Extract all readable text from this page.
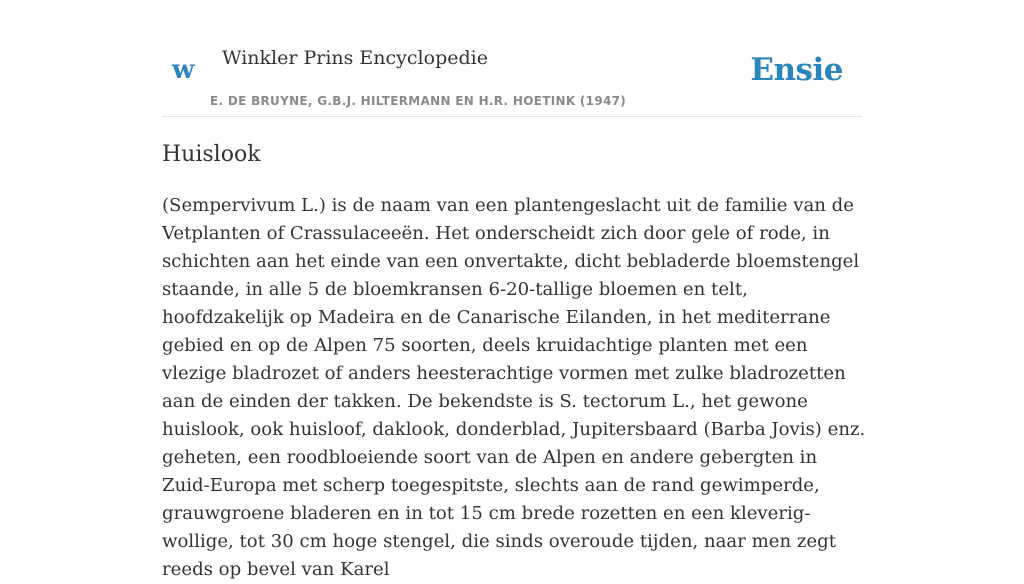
w Winkler Prins Encyclopedie
E. DE BRUYNE, G.B.J. HILTERMANN EN H.R. HOETINK (1947)
Ensie
Huislook

(Sempervivum L.) is de naam van een plantengeslacht uit de familie van de Vetplanten of Crassulaceeën. Het onderscheidt zich door gele of rode, in schichten aan het einde van een onvertakte, dicht bebladerde bloemstengel staande, in alle 5 de bloemkransen 6-20-tallige bloemen en telt, hoofdzakelijk op Madeira en de Canarische Eilanden, in het mediterrane gebied en op de Alpen 75 soorten, deels kruidachtige planten met een vlezige bladrozet of anders heesterachtige vormen met zulke bladrozetten aan de einden der takken. De bekendste is S. tectorum L., het gewone huislook, ook huisloof, daklook, donderblad, Jupitersbaard (Barba Jovis) enz. geheten, een roodbloeiende soort van de Alpen en andere gebergten in Zuid-Europa met scherp toegespitste, slechts aan de rand gewimperde, grauwgroene bladeren en in tot 15 cm brede rozetten en een kleverig-wollige, tot 30 cm hoge stengel, die sinds overoude tijden, naar men zegt reeds op bevel van Karel
